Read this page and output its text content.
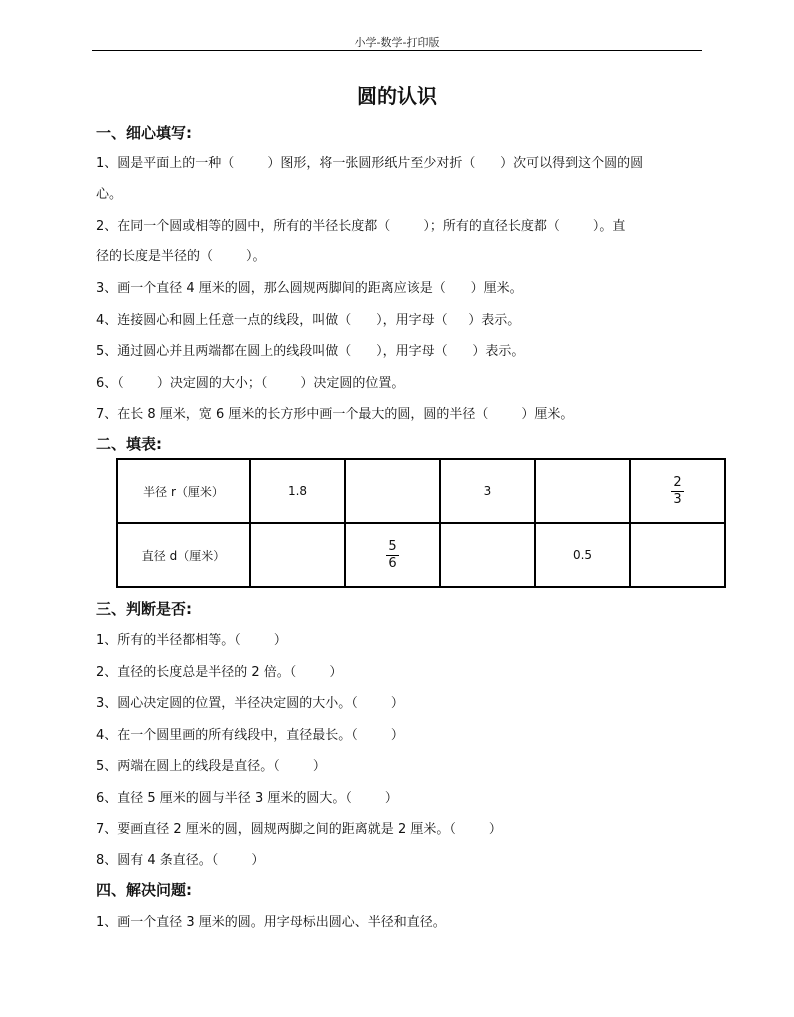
小学-数学-打印版
圆的认识
一、细心填写:
1、圆是平面上的一种（        ）图形，将一张圆形纸片至少对折（      ）次可以得到这个圆的圆
心。
2、在同一个圆或相等的圆中，所有的半径长度都（        ）；所有的直径长度都（        ）。直
径的长度是半径的（        ）。
3、画一个直径 4 厘米的圆，那么圆规两脚间的距离应该是（      ）厘米。
4、连接圆心和圆上任意一点的线段，叫做（      ），用字母（     ）表示。
5、通过圆心并且两端都在圆上的线段叫做（      ），用字母（      ）表示。
6、（        ）决定圆的大小；（        ）决定圆的位置。
7、在长 8 厘米，宽 6 厘米的长方形中画一个最大的圆，圆的半径（        ）厘米。
二、填表:
半径 r（厘米）	1.8		3		$\frac{2}{3}$

直径 d（厘米）		$\frac{5}{6}$		0.5	
三、判断是否:
1、所有的半径都相等。（        ）
2、直径的长度总是半径的 2 倍。（        ）
3、圆心决定圆的位置，半径决定圆的大小。（        ）
4、在一个圆里画的所有线段中，直径最长。（        ）
5、两端在圆上的线段是直径。（        ）
6、直径 5 厘米的圆与半径 3 厘米的圆大。（        ）
7、要画直径 2 厘米的圆，圆规两脚之间的距离就是 2 厘米。（        ）
8、圆有 4 条直径。（        ）
四、解决问题:
1、画一个直径 3 厘米的圆。用字母标出圆心、半径和直径。
